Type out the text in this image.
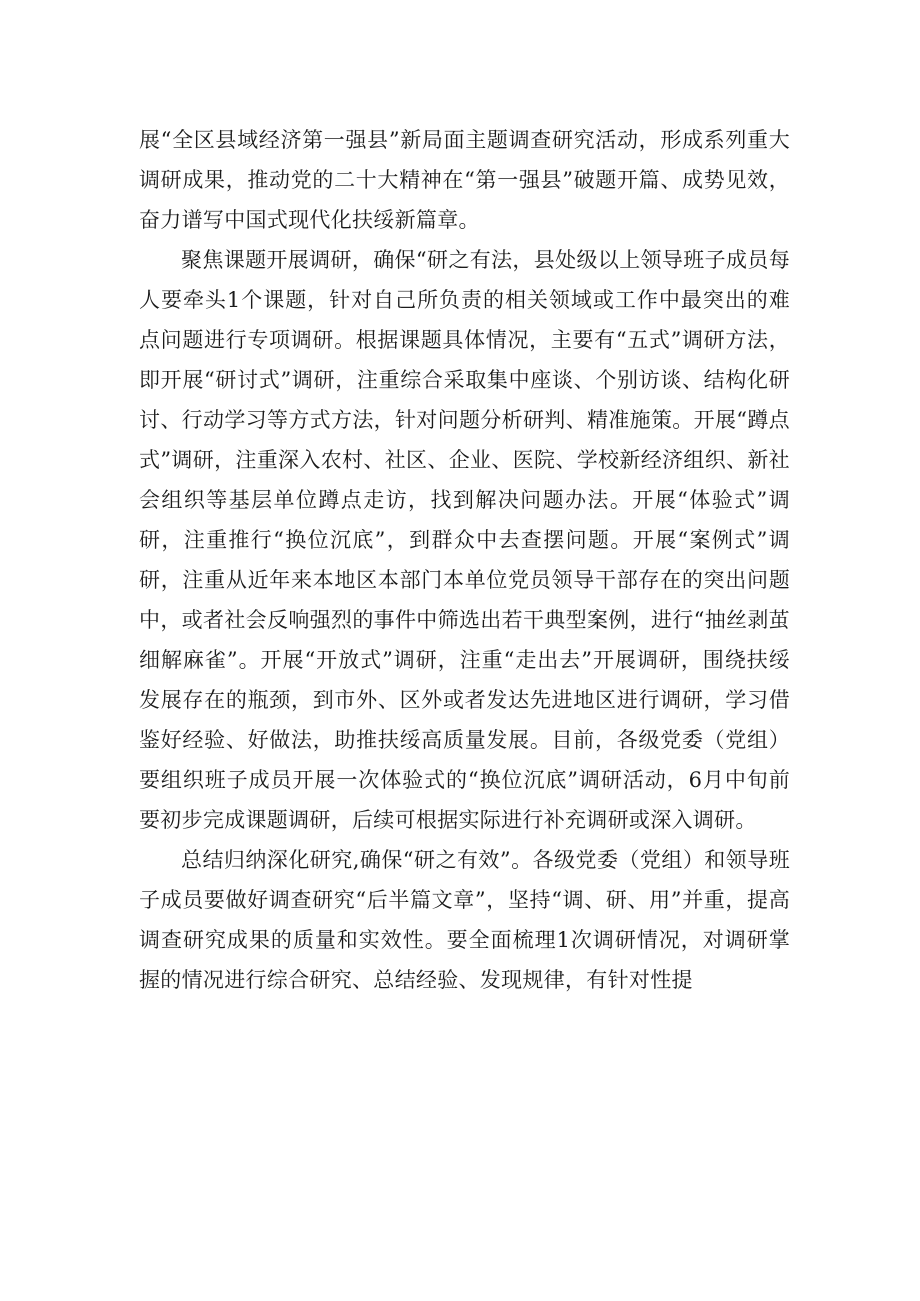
展“全区县域经济第一强县”新局面主题调查研究活动，形成系列重大调研成果，推动党的二十大精神在“第一强县”破题开篇、成势见效，奋力谱写中国式现代化扶绥新篇章。

聚焦课题开展调研，确保“研之有法，县处级以上领导班子成员每人要牵头1个课题，针对自己所负责的相关领域或工作中最突出的难点问题进行专项调研。根据课题具体情况，主要有“五式”调研方法，即开展“研讨式”调研，注重综合采取集中座谈、个别访谈、结构化研讨、行动学习等方式方法，针对问题分析研判、精准施策。开展“蹲点式”调研，注重深入农村、社区、企业、医院、学校新经济组织、新社会组织等基层单位蹲点走访，找到解决问题办法。开展“体验式”调研，注重推行“换位沉底”，到群众中去查摆问题。开展“案例式”调研，注重从近年来本地区本部门本单位党员领导干部存在的突出问题中，或者社会反响强烈的事件中筛选出若干典型案例，进行“抽丝剥茧细解麻雀”。开展“开放式”调研，注重“走出去”开展调研，围绕扶绥发展存在的瓶颈，到市外、区外或者发达先进地区进行调研，学习借鉴好经验、好做法，助推扶绥高质量发展。目前，各级党委（党组）要组织班子成员开展一次体验式的“换位沉底”调研活动，6月中旬前要初步完成课题调研，后续可根据实际进行补充调研或深入调研。

总结归纳深化研究,确保“研之有效”。各级党委（党组）和领导班子成员要做好调查研究“后半篇文章”，坚持“调、研、用”并重，提高调查研究成果的质量和实效性。要全面梳理1次调研情况，对调研掌握的情况进行综合研究、总结经验、发现规律，有针对性提
